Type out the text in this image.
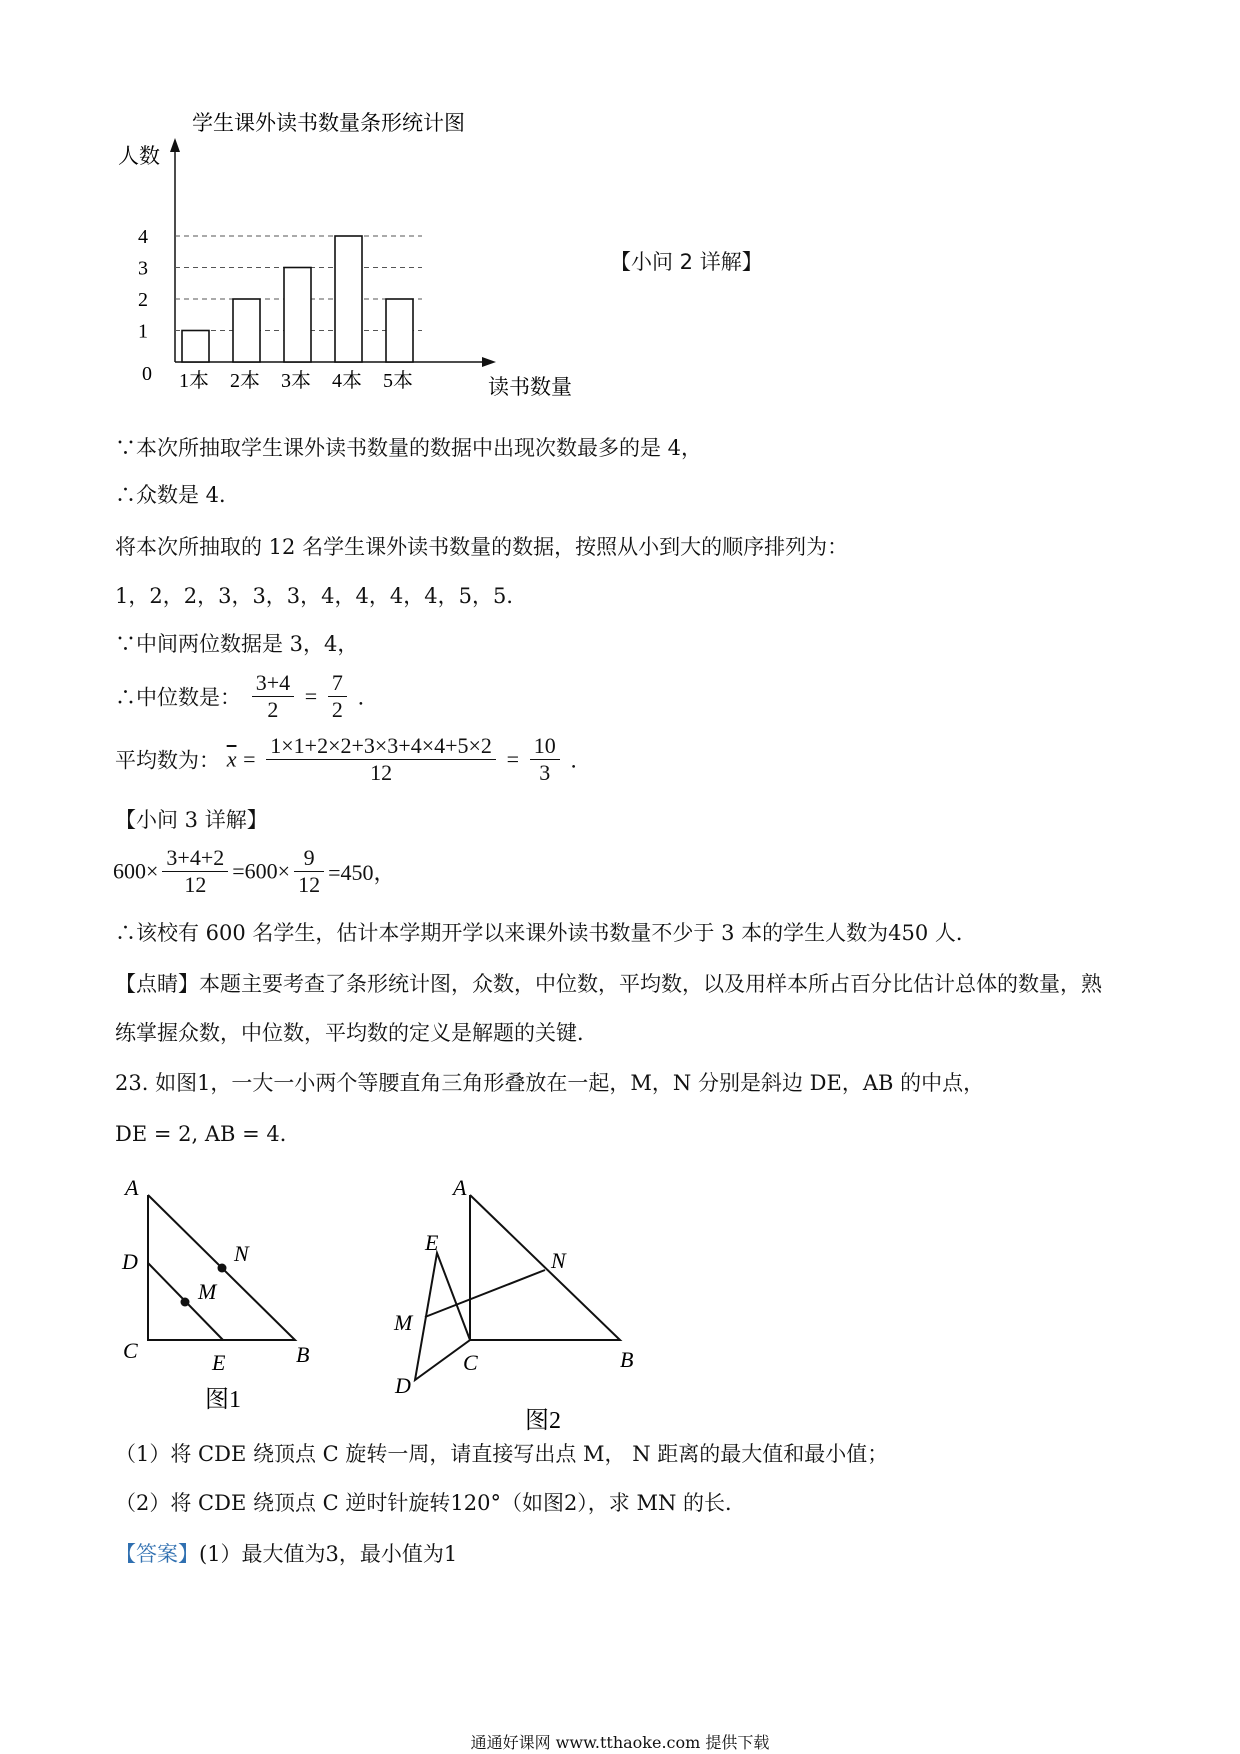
学生课外读书数量条形统计图
人数
读书数量
0
1
2
3
4
1本 2本 3本 4本 5本
【小问 2 详解】
∵本次所抽取学生课外读书数量的数据中出现次数最多的是 4，
∴众数是 4．
将本次所抽取的 12 名学生课外读书数量的数据，按照从小到大的顺序排列为：
1，2，2，3，3，3，4，4，4，4，5，5．
∵中间两位数据是 3，4，
∴中位数是： $\frac{3+4}{2} = \frac{7}{2}$ ．
平均数为： $\overline{x} = \frac{1\times 1+2\times 2+3\times 3+4\times 4+5\times 2}{12} = \frac{10}{3}$ ．
【小问 3 详解】
$600\times \frac{3+4+2}{12} =600\times \frac{9}{12} =450$，
∴该校有 600 名学生，估计本学期开学以来课外读书数量不少于 3 本的学生人数为450 人．
【点睛】本题主要考查了条形统计图，众数，中位数，平均数，以及用样本所占百分比估计总体的数量，熟
练掌握众数，中位数，平均数的定义是解题的关键．
23. 如图1，一大一小两个等腰直角三角形叠放在一起，M，N 分别是斜边 DE，AB 的中点，
DE = 2, AB = 4．
A
D	N
M
C	E	B
图1
A
E
N
M
C	B
D
图2
（1）将 CDE 绕顶点 C 旋转一周，请直接写出点 M， N 距离的最大值和最小值；
（2）将 CDE 绕顶点 C 逆时针旋转120°（如图2），求 MN 的长．
【答案】(1）最大值为3，最小值为1
通通好课网 www.tthaoke.com 提供下载
